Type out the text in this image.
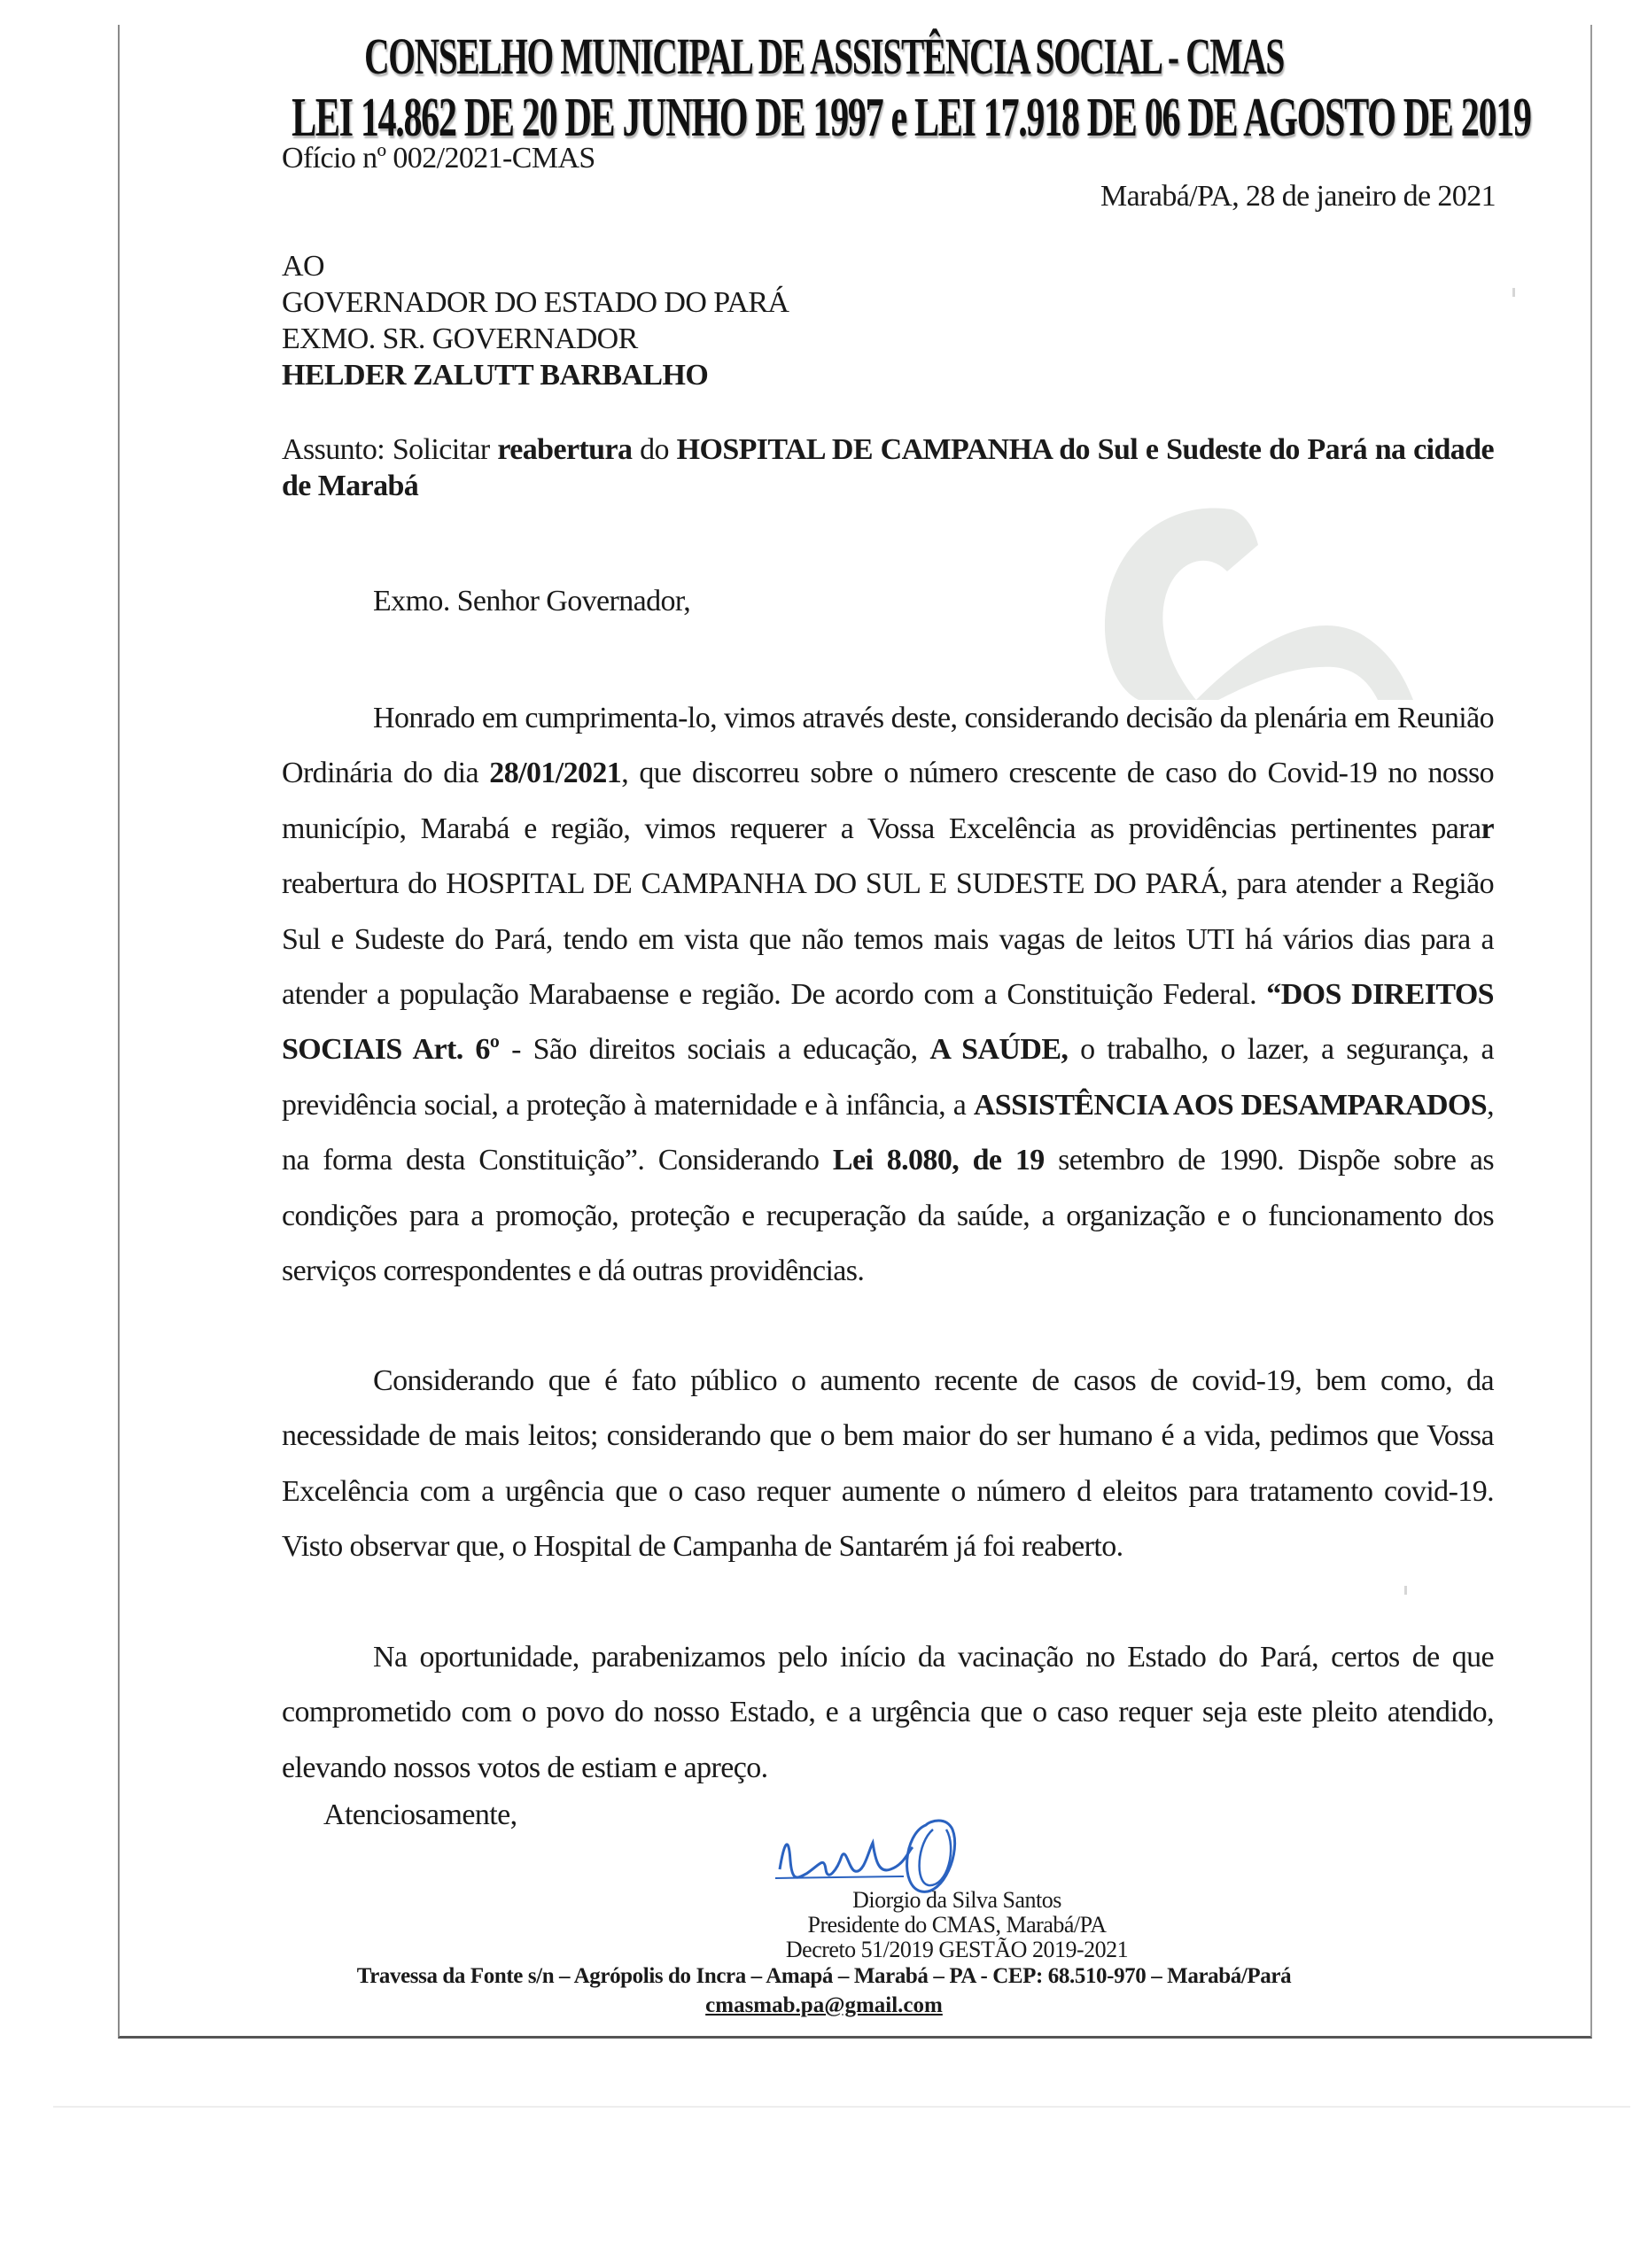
CONSELHO MUNICIPAL DE ASSISTÊNCIA SOCIAL - CMAS
LEI 14.862 DE 20 DE JUNHO DE 1997 e LEI 17.918 DE 06 DE AGOSTO DE 2019
Ofício nº 002/2021-CMAS
Marabá/PA, 28 de janeiro de 2021
AO
GOVERNADOR DO ESTADO DO PARÁ
EXMO. SR. GOVERNADOR
HELDER ZALUTT BARBALHO
Assunto: Solicitar reabertura do HOSPITAL DE CAMPANHA do Sul e Sudeste do Pará na cidade de Marabá
Exmo. Senhor Governador,
Honrado em cumprimenta-lo, vimos através deste, considerando decisão da plenária em Reunião Ordinária do dia 28/01/2021, que discorreu sobre o número crescente de caso do Covid-19 no nosso município, Marabá e região, vimos requerer a Vossa Excelência as providências pertinentes parar reabertura do HOSPITAL DE CAMPANHA DO SUL E SUDESTE DO PARÁ, para atender a Região Sul e Sudeste do Pará, tendo em vista que não temos mais vagas de leitos UTI há vários dias para a atender a população Marabaense e região. De acordo com a Constituição Federal. “DOS DIREITOS SOCIAIS Art. 6º - São direitos sociais a educação, A SAÚDE, o trabalho, o lazer, a segurança, a previdência social, a proteção à maternidade e à infância, a ASSISTÊNCIA AOS DESAMPARADOS, na forma desta Constituição”. Considerando Lei 8.080, de 19 setembro de 1990. Dispõe sobre as condições para a promoção, proteção e recuperação da saúde, a organização e o funcionamento dos serviços correspondentes e dá outras providências.
Considerando que é fato público o aumento recente de casos de covid-19, bem como, da necessidade de mais leitos; considerando que o bem maior do ser humano é a vida, pedimos que Vossa Excelência com a urgência que o caso requer aumente o número d eleitos para tratamento covid-19. Visto observar que, o Hospital de Campanha de Santarém já foi reaberto.
Na oportunidade, parabenizamos pelo início da vacinação no Estado do Pará, certos de que comprometido com o povo do nosso Estado, e a urgência que o caso requer seja este pleito atendido, elevando nossos votos de estiam e apreço.
Atenciosamente,
Diorgio da Silva Santos
Presidente do CMAS, Marabá/PA
Decreto 51/2019 GESTÃO 2019-2021
Travessa da Fonte s/n – Agrópolis do Incra – Amapá – Marabá – PA - CEP: 68.510-970 – Marabá/Pará
cmasmab.pa@gmail.com
